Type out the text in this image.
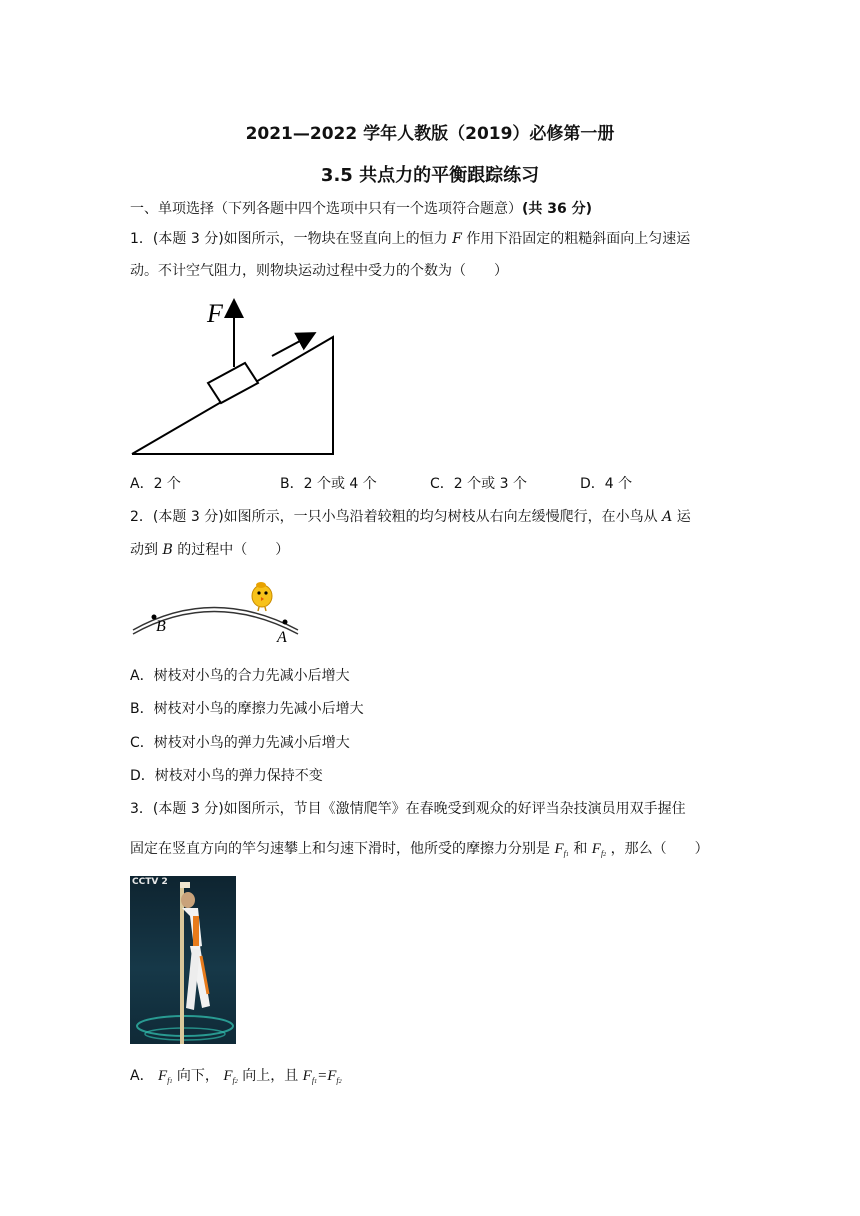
2021—2022 学年人教版（2019）必修第一册
3.5 共点力的平衡跟踪练习
一、单项选择（下列各题中四个选项中只有一个选项符合题意）(共 36 分)
1．(本题 3 分)如图所示，一物块在竖直向上的恒力 F 作用下沿固定的粗糙斜面向上匀速运
动。不计空气阻力，则物块运动过程中受力的个数为（　　）
F
A．2 个	B．2 个或 4 个	C．2 个或 3 个	D．4 个
2．(本题 3 分)如图所示，一只小鸟沿着较粗的均匀树枝从右向左缓慢爬行，在小鸟从 A 运
动到 B 的过程中（　　）
B
A
A．树枝对小鸟的合力先减小后增大
B．树枝对小鸟的摩擦力先减小后增大
C．树枝对小鸟的弹力先减小后增大
D．树枝对小鸟的弹力保持不变
3．(本题 3 分)如图所示，节目《激情爬竿》在春晚受到观众的好评当杂技演员用双手握住
固定在竖直方向的竿匀速攀上和匀速下滑时，他所受的摩擦力分别是 $F_{f1}$ 和 $F_{f2}$ ，那么（　　）
CCTV 2
A． $F_{f1}$ 向下， $F_{f2}$ 向上，且 $F_{f1}=F_{f2}$
